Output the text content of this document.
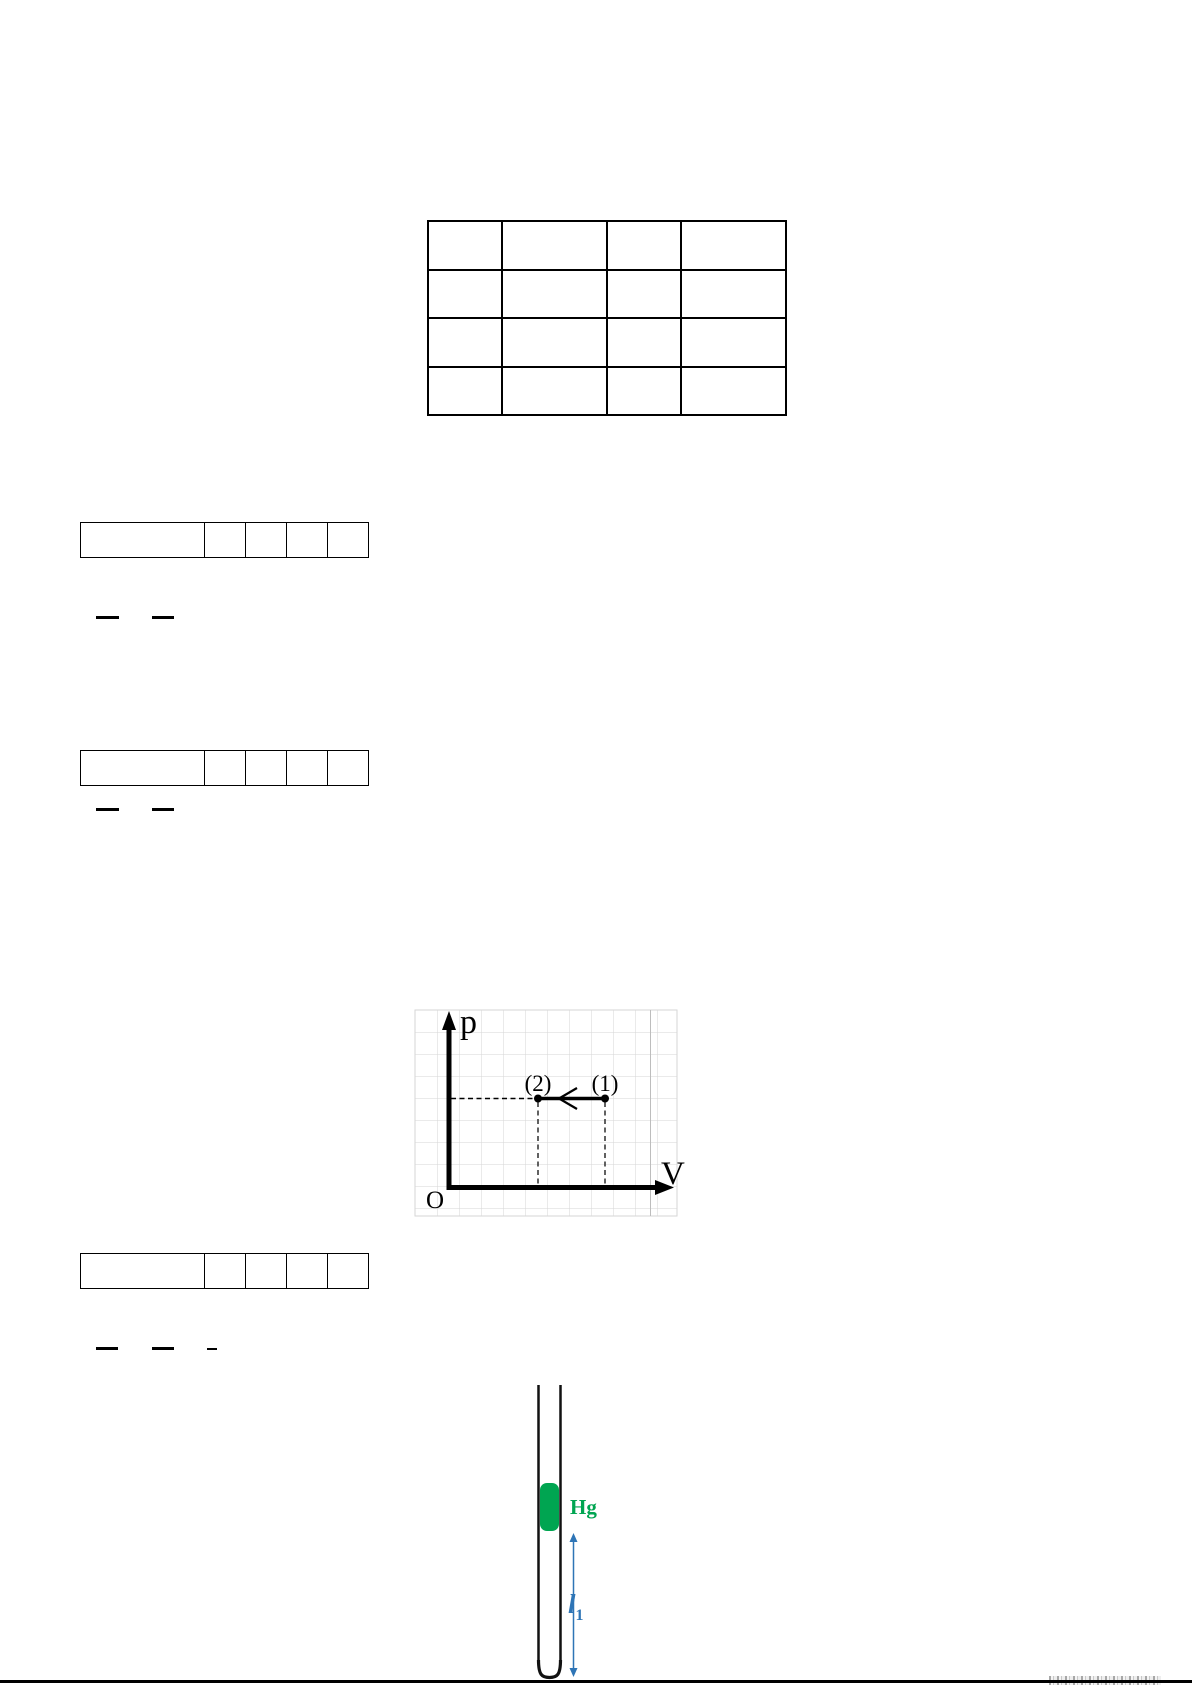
(2) (1)
p
V
O

Hg
$l_1$
